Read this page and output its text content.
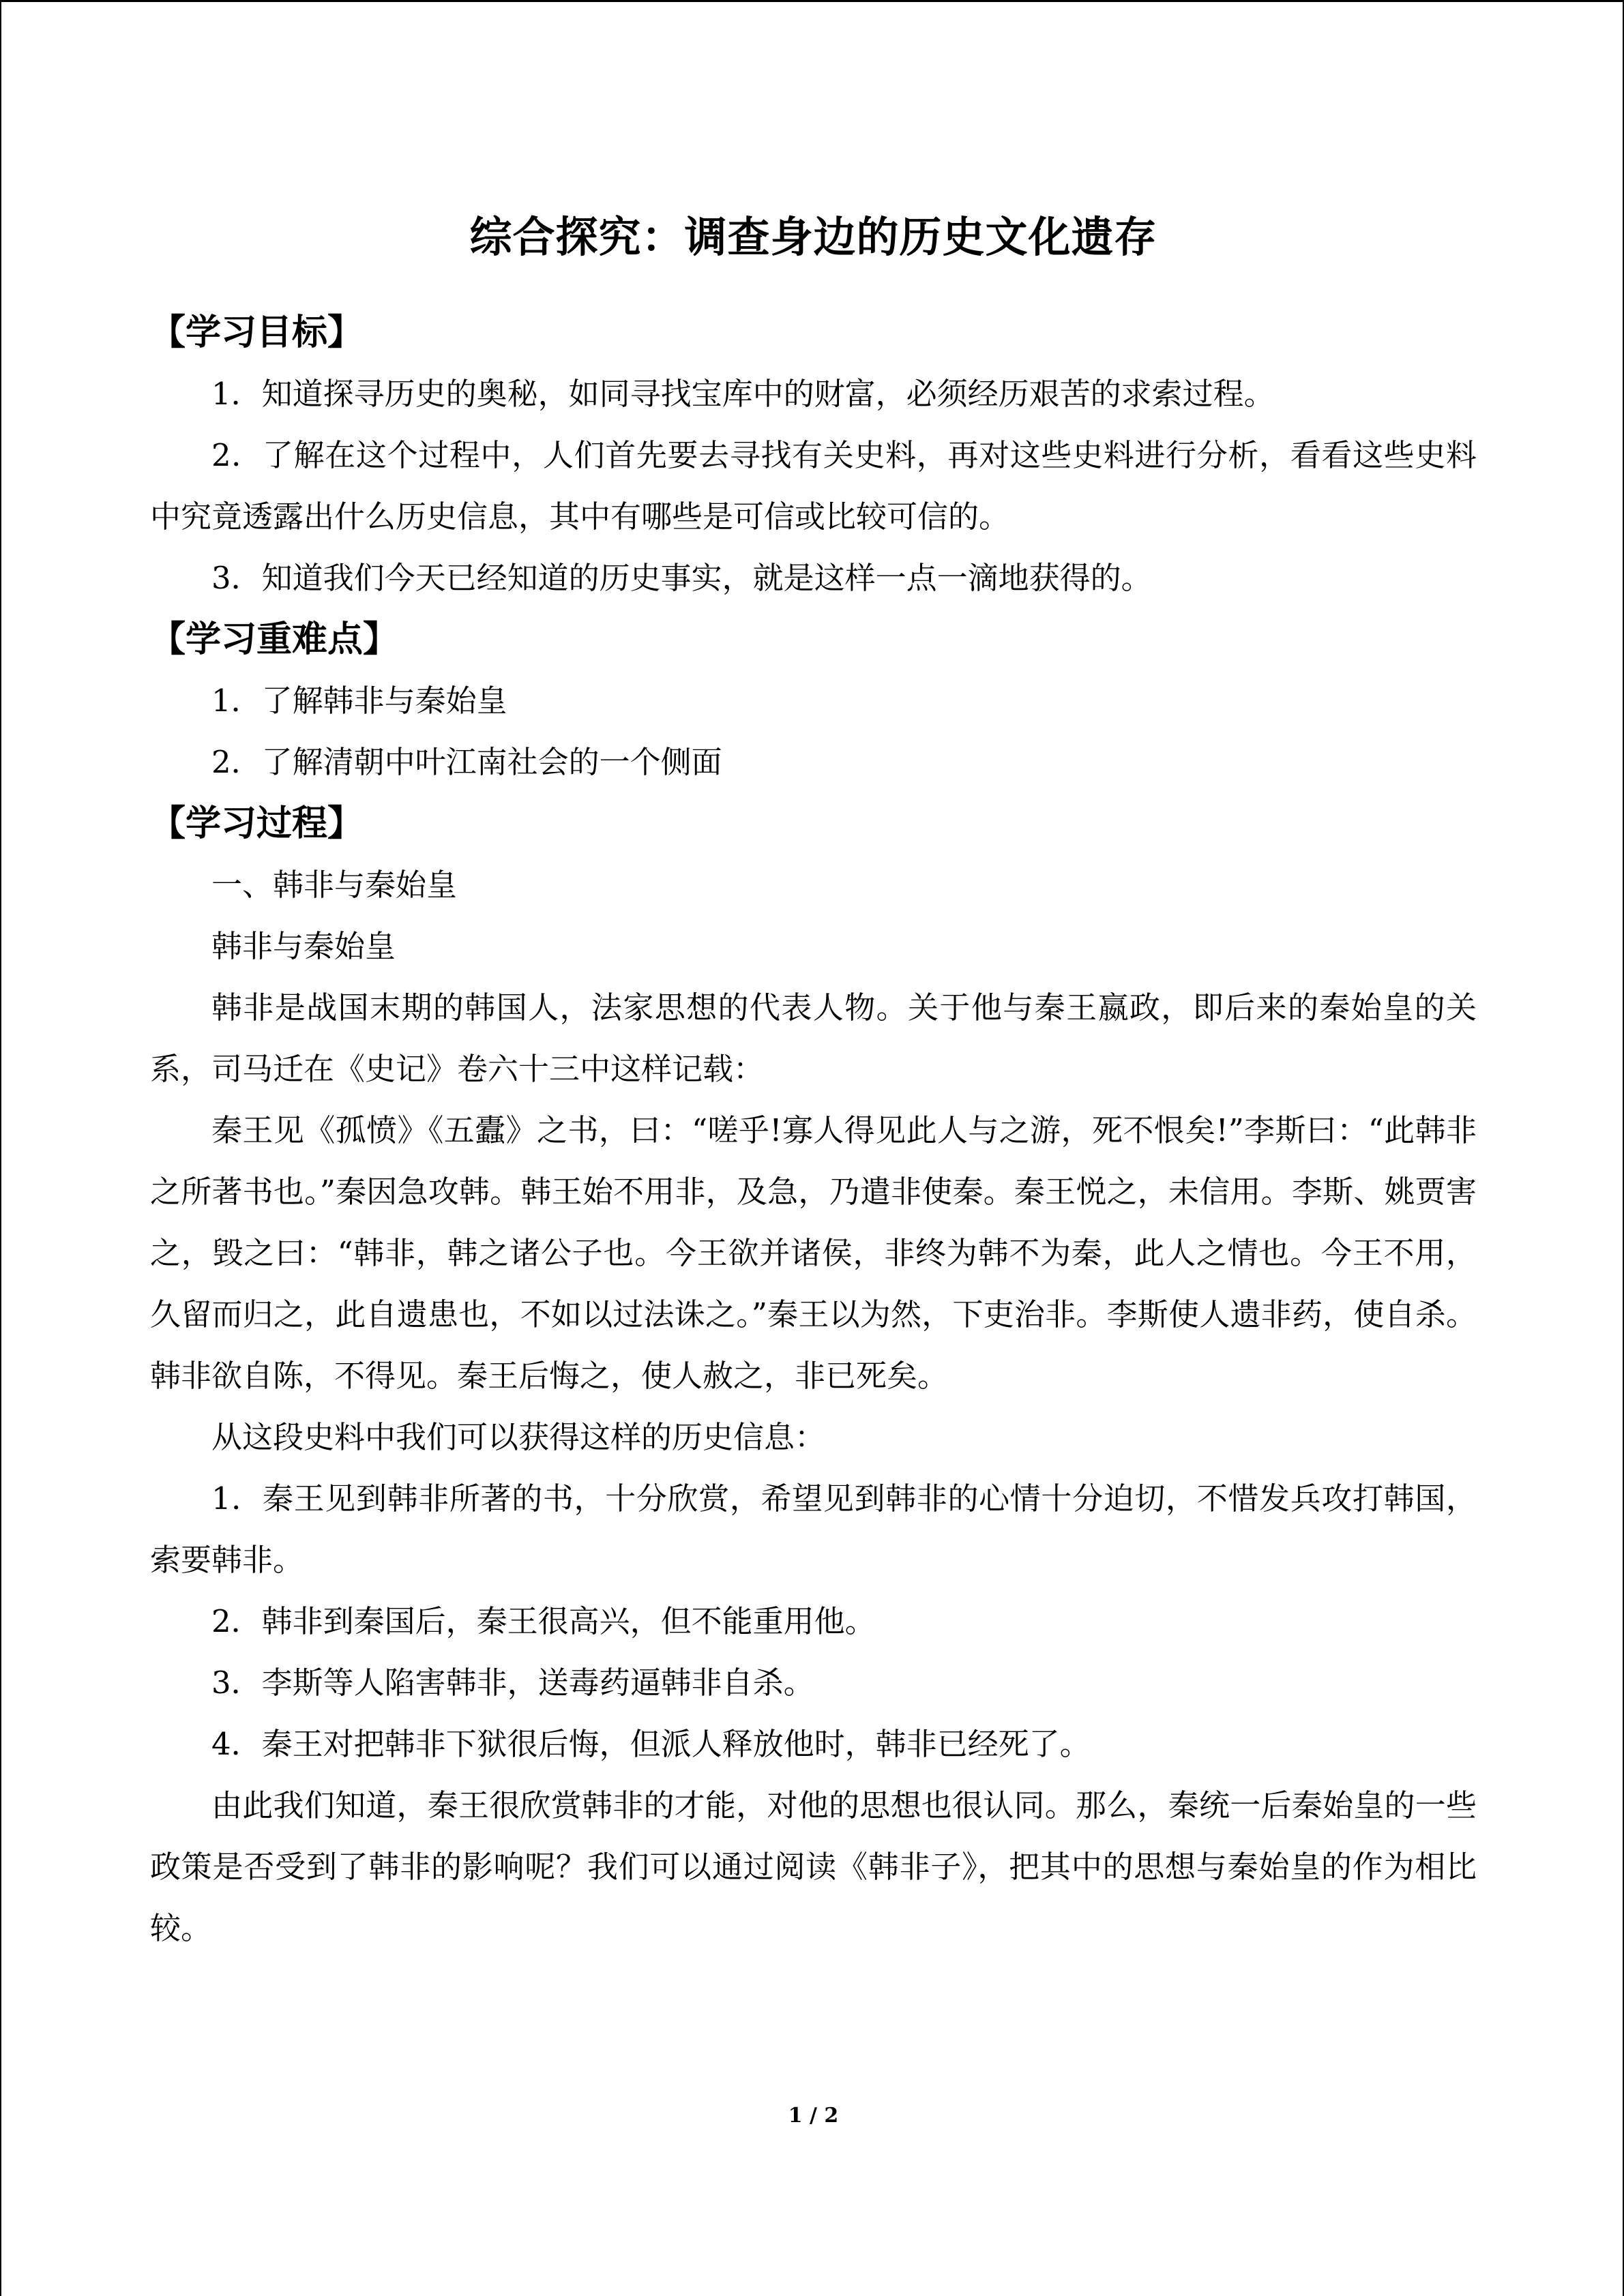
综合探究：调查身边的历史文化遗存
【学习目标】

1．知道探寻历史的奥秘，如同寻找宝库中的财富，必须经历艰苦的求索过程。

2．了解在这个过程中，人们首先要去寻找有关史料，再对这些史料进行分析，看看这些史料中究竟透露出什么历史信息，其中有哪些是可信或比较可信的。

3．知道我们今天已经知道的历史事实，就是这样一点一滴地获得的。

【学习重难点】

1．了解韩非与秦始皇

2．了解清朝中叶江南社会的一个侧面

【学习过程】

一、韩非与秦始皇

韩非与秦始皇

韩非是战国末期的韩国人，法家思想的代表人物。关于他与秦王嬴政，即后来的秦始皇的关系，司马迁在《史记》卷六十三中这样记载：

秦王见《孤愤》《五蠹》之书，曰：“嗟乎!寡人得见此人与之游，死不恨矣!”李斯曰：“此韩非之所著书也。”秦因急攻韩。韩王始不用非，及急，乃遣非使秦。秦王悦之，未信用。李斯、姚贾害之，毁之曰：“韩非，韩之诸公子也。今王欲并诸侯，非终为韩不为秦，此人之情也。今王不用，久留而归之，此自遗患也，不如以过法诛之。”秦王以为然，下吏治非。李斯使人遗非药，使自杀。韩非欲自陈，不得见。秦王后悔之，使人赦之，非已死矣。

从这段史料中我们可以获得这样的历史信息：

1．秦王见到韩非所著的书，十分欣赏，希望见到韩非的心情十分迫切，不惜发兵攻打韩国，索要韩非。

2．韩非到秦国后，秦王很高兴，但不能重用他。

3．李斯等人陷害韩非，送毒药逼韩非自杀。

4．秦王对把韩非下狱很后悔，但派人释放他时，韩非已经死了。

由此我们知道，秦王很欣赏韩非的才能，对他的思想也很认同。那么，秦统一后秦始皇的一些政策是否受到了韩非的影响呢？我们可以通过阅读《韩非子》，把其中的思想与秦始皇的作为相比较。

1 / 2
